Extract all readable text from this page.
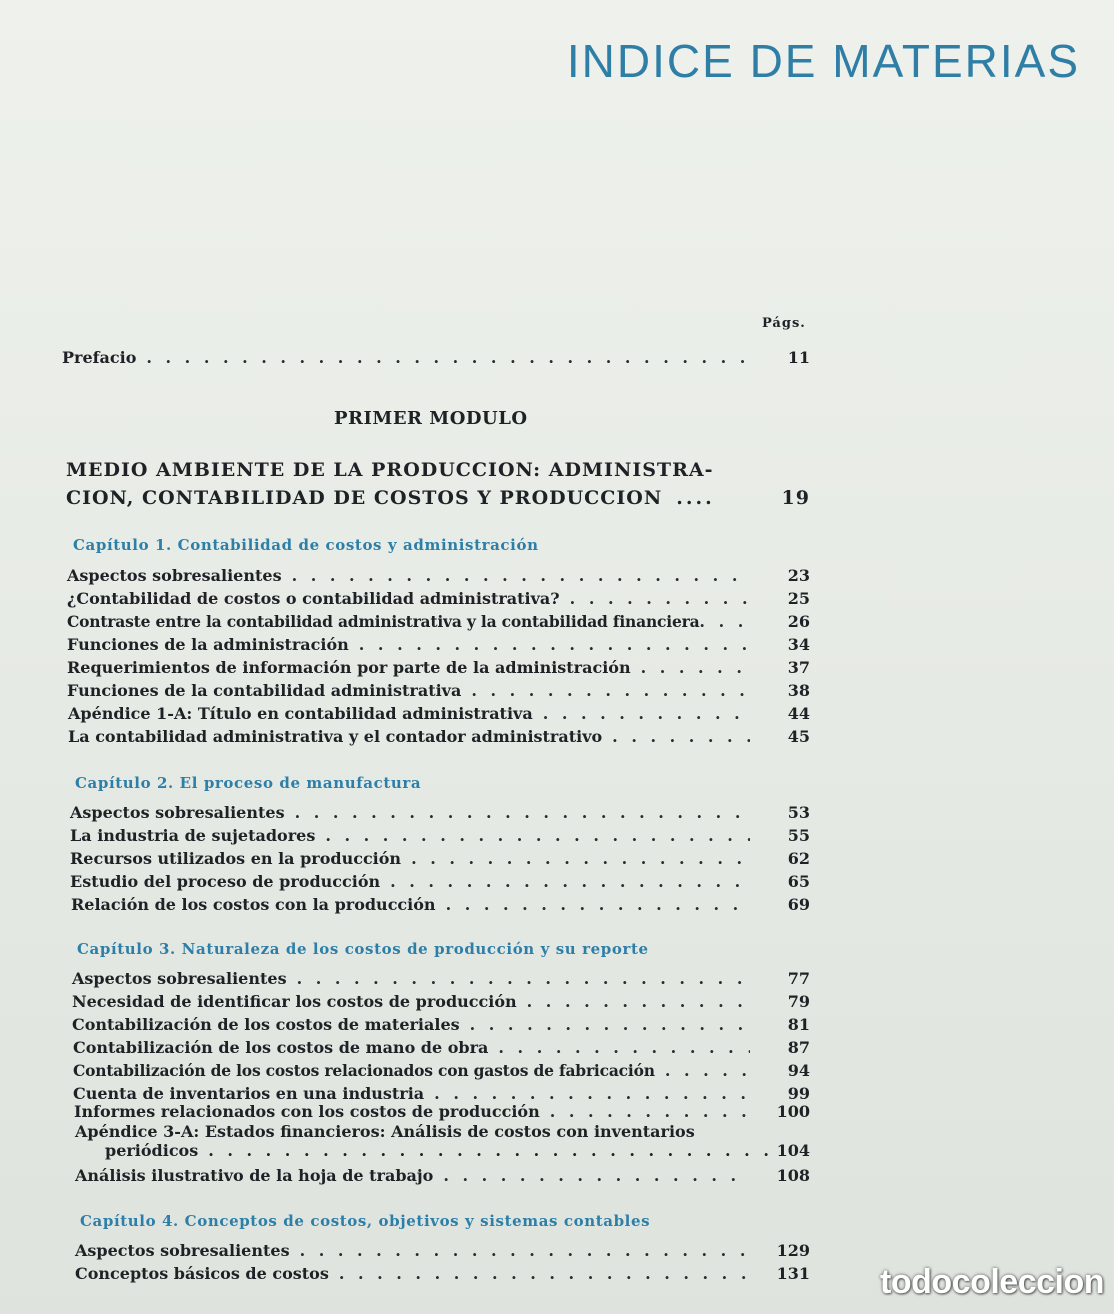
INDICE DE MATERIAS
Págs.
Prefacio . . .	11
PRIMER MODULO
MEDIO AMBIENTE DE LA PRODUCCION: ADMINISTRA-
CION, CONTABILIDAD DE COSTOS Y PRODUCCION ....	19
Capítulo 1. Contabilidad de costos y administración
Aspectos sobresalientes . . .	23
¿Contabilidad de costos o contabilidad administrativa? . . .	25
Contraste entre la contabilidad administrativa y la contabilidad financiera . . .	26
Funciones de la administración . . .	34
Requerimientos de información por parte de la administración . . .	37
Funciones de la contabilidad administrativa . . .	38
Apéndice 1-A: Título en contabilidad administrativa . . .	44
La contabilidad administrativa y el contador administrativo . . .	45
Capítulo 2. El proceso de manufactura
Aspectos sobresalientes . . .	53
La industria de sujetadores . . .	55
Recursos utilizados en la producción . . .	62
Estudio del proceso de producción . . .	65
Relación de los costos con la producción . . .	69
Capítulo 3. Naturaleza de los costos de producción y su reporte
Aspectos sobresalientes . . .	77
Necesidad de identificar los costos de producción . . .	79
Contabilización de los costos de materiales . . .	81
Contabilización de los costos de mano de obra . . .	87
Contabilización de los costos relacionados con gastos de fabricación . . .	94
Cuenta de inventarios en una industria . . .	99
Informes relacionados con los costos de producción . . .	100
Apéndice 3-A: Estados financieros: Análisis de costos con inventarios
periódicos . . .	104
Análisis ilustrativo de la hoja de trabajo . . .	108
Capítulo 4. Conceptos de costos, objetivos y sistemas contables
Aspectos sobresalientes . . .	129
Conceptos básicos de costos . . .	131 todocoleccion
